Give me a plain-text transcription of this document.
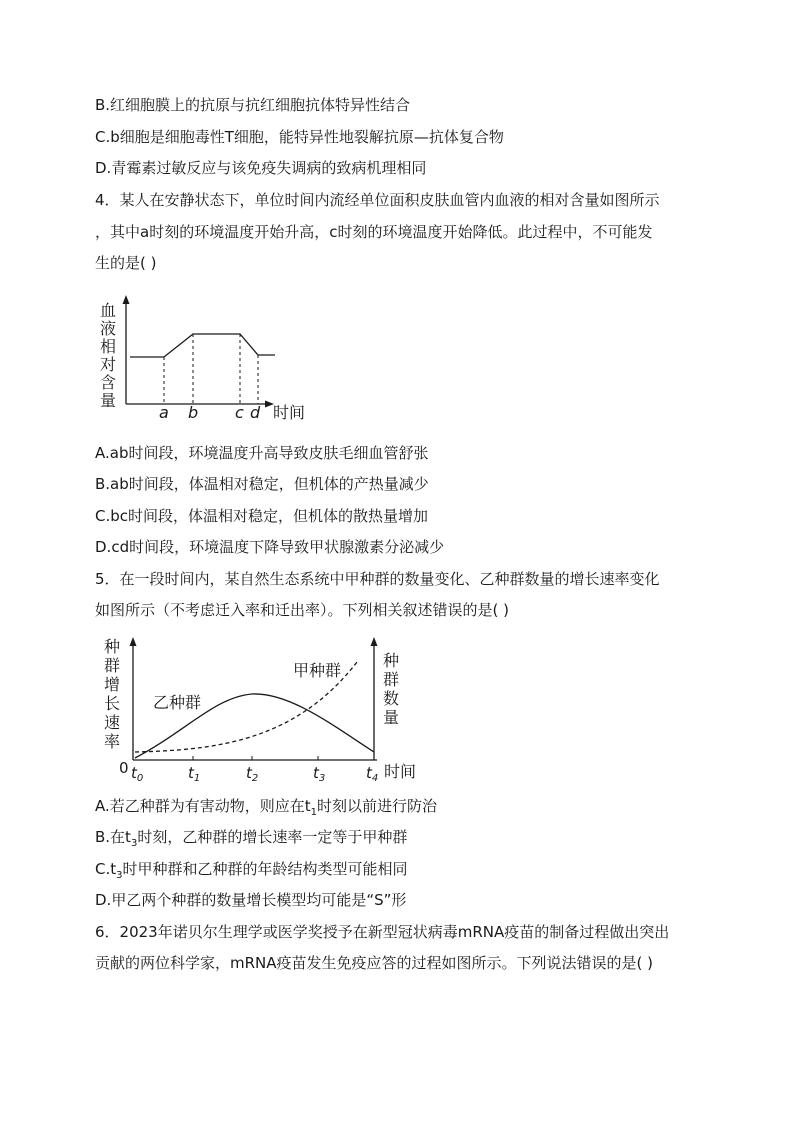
B.红细胞膜上的抗原与抗红细胞抗体特异性结合
C.b细胞是细胞毒性T细胞，能特异性地裂解抗原—抗体复合物
D.青霉素过敏反应与该免疫失调病的致病机理相同
4．某人在安静状态下，单位时间内流经单位面积皮肤血管内血液的相对含量如图所示
，其中a时刻的环境温度开始升高，c时刻的环境温度开始降低。此过程中，不可能发
生的是( )
血
液
相
对
含
量
a b c d 时间
A.ab时间段，环境温度升高导致皮肤毛细血管舒张
B.ab时间段，体温相对稳定，但机体的产热量减少
C.bc时间段，体温相对稳定，但机体的散热量增加
D.cd时间段，环境温度下降导致甲状腺激素分泌减少
5．在一段时间内，某自然生态系统中甲种群的数量变化、乙种群数量的增长速率变化
如图所示（不考虑迁入率和迁出率）。下列相关叙述错误的是( )
种
群
增
长
速
率
种
群
数
量
甲种群
乙种群
0	时间
$t_0$	$t_1$	$t_2$	$t_3$	$t_4$
A.若乙种群为有害动物，则应在$t_1$时刻以前进行防治
B.在$t_3$时刻，乙种群的增长速率一定等于甲种群
$C.t_3$时甲种群和乙种群的年龄结构类型可能相同
D.甲乙两个种群的数量增长模型均可能是“S”形
6．2023年诺贝尔生理学或医学奖授予在新型冠状病毒mRNA疫苗的制备过程做出突出
贡献的两位科学家，mRNA疫苗发生免疫应答的过程如图所示。下列说法错误的是( )
